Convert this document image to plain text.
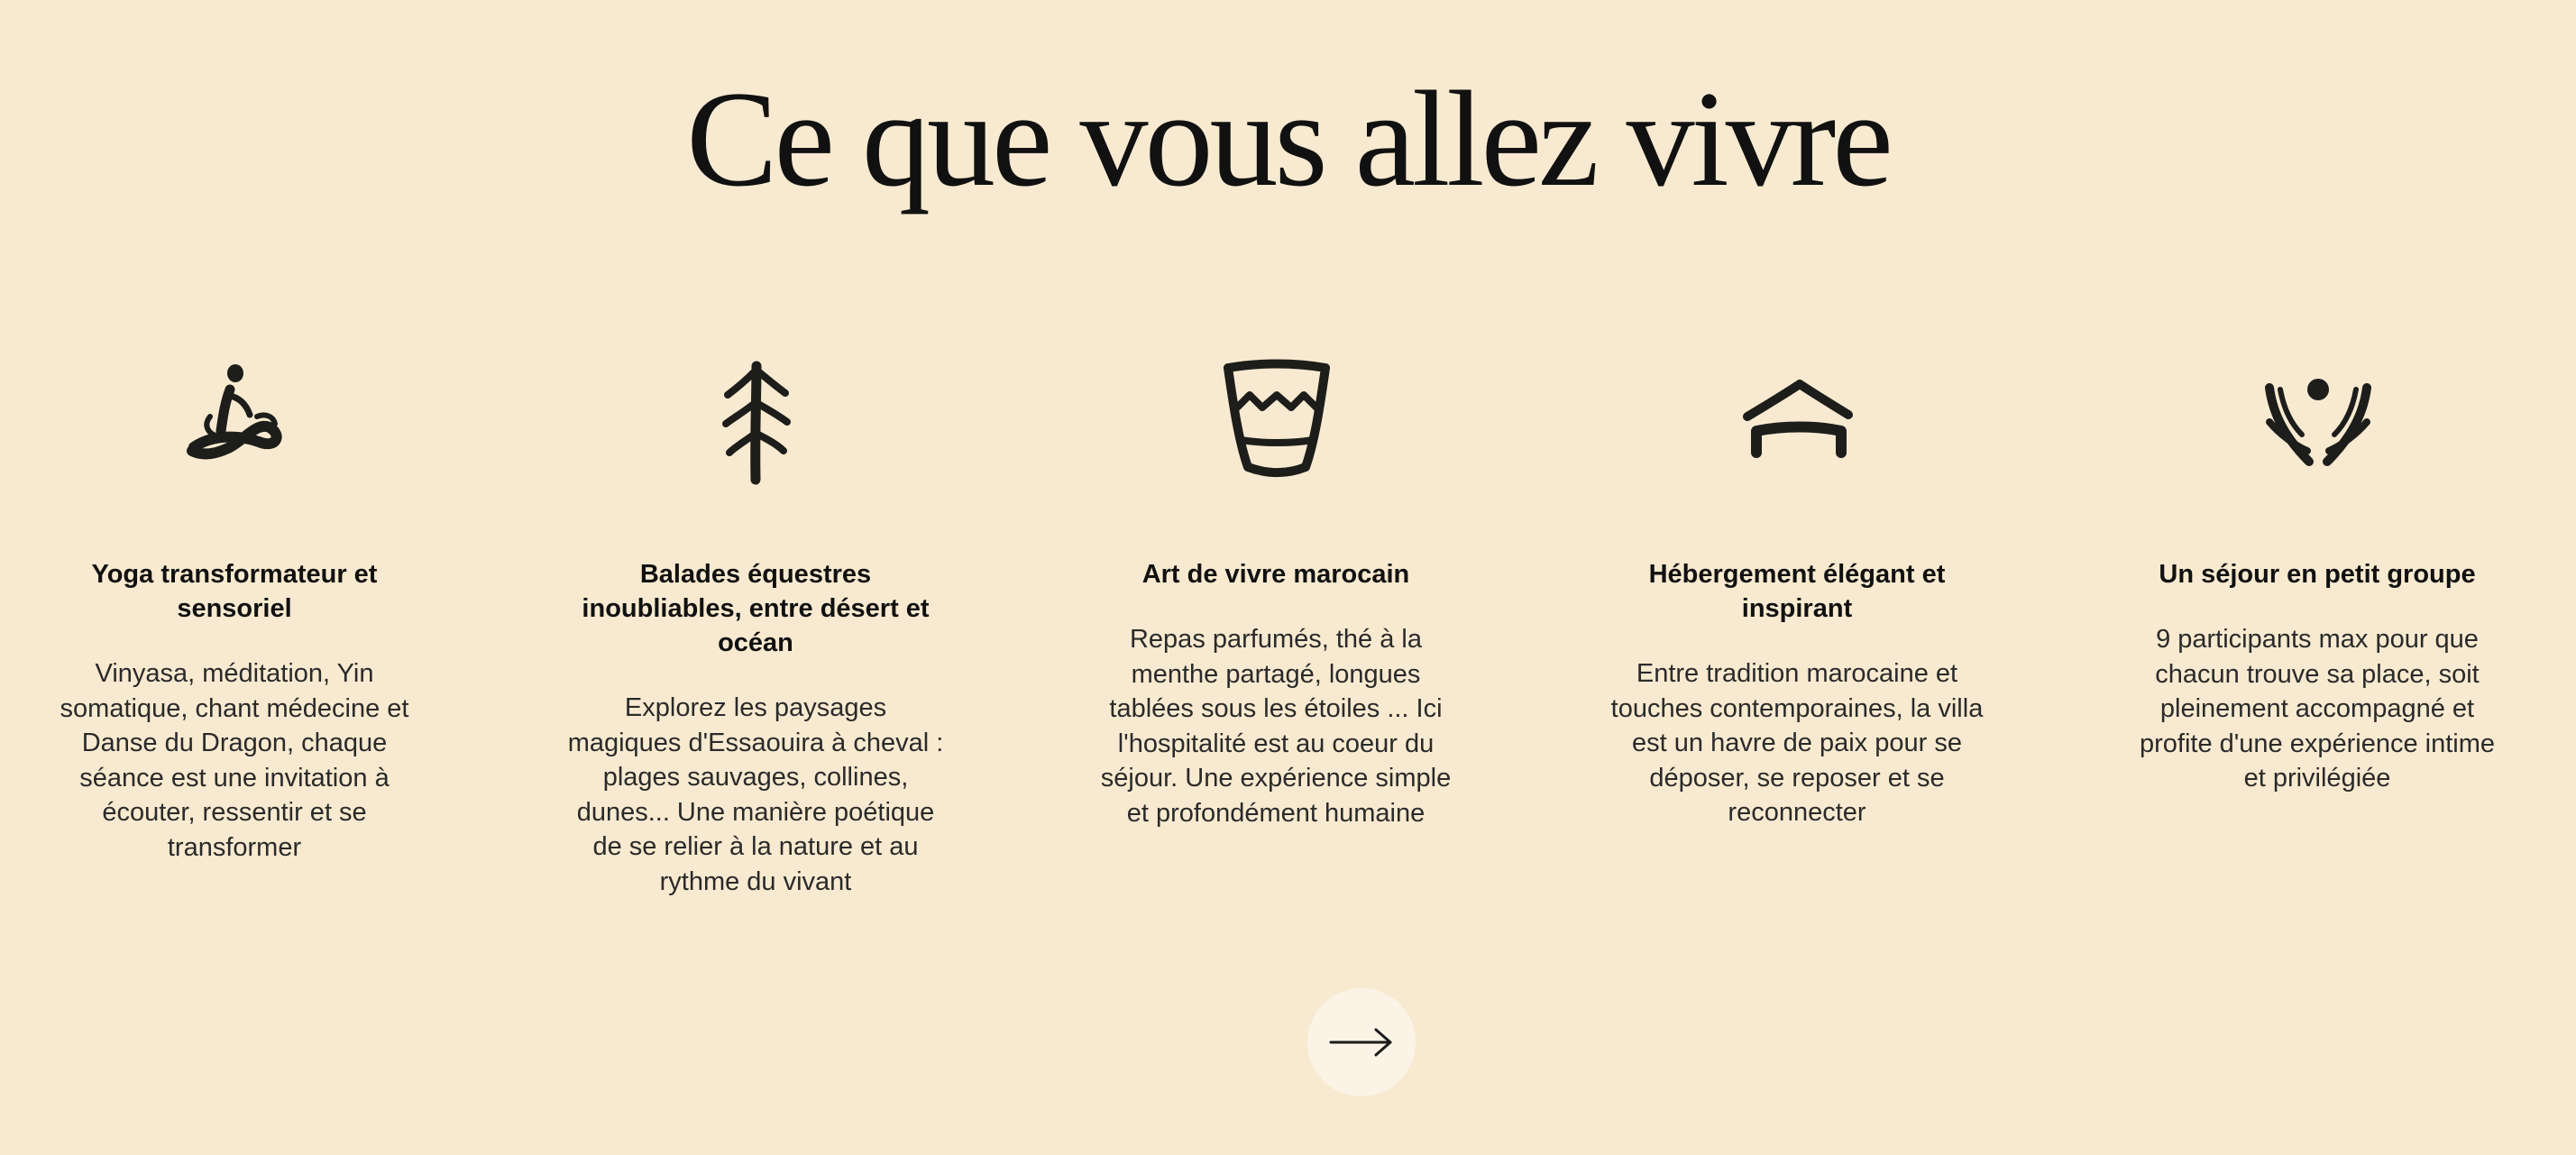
Ce que vous allez vivre
Yoga transformateur et sensoriel

Vinyasa, méditation, Yin somatique, chant médecine et Danse du Dragon, chaque séance est une invitation à écouter, ressentir et se transformer

Balades équestres inoubliables, entre désert et océan

Explorez les paysages magiques d'Essaouira à cheval : plages sauvages, collines, dunes... Une manière poétique de se relier à la nature et au rythme du vivant

Art de vivre marocain

Repas parfumés, thé à la menthe partagé, longues tablées sous les étoiles ... Ici l'hospitalité est au coeur du séjour. Une expérience simple et profondément humaine

Hébergement élégant et inspirant

Entre tradition marocaine et touches contemporaines, la villa est un havre de paix pour se déposer, se reposer et se reconnecter

Un séjour en petit groupe

9 participants max pour que chacun trouve sa place, soit pleinement accompagné et profite d'une expérience intime et privilégiée
